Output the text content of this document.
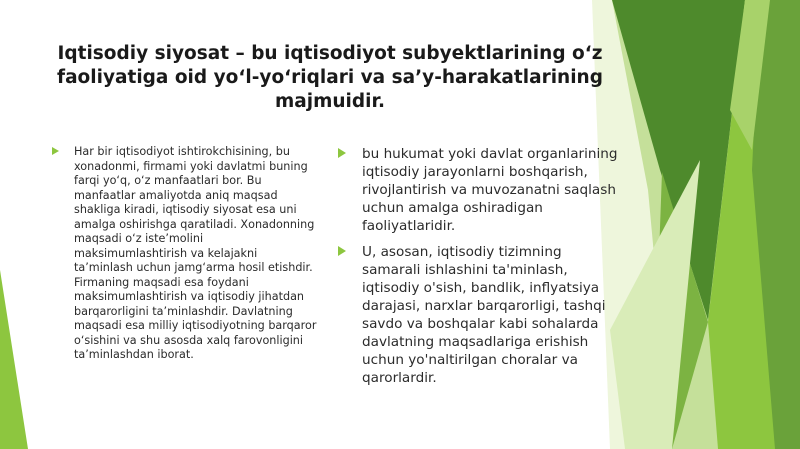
Iqtisodiy siyosat – bu iqtisodiyot subyektlarining o‘z faoliyatiga oid yo‘l-yo‘riqlari va sa’y-harakatlarining majmuidir.
Har bir iqtisodiyot ishtirokchisining, bu xonadonmi, firmami yoki davlatmi buning farqi yo‘q, o‘z manfaatlari bor. Bu manfaatlar amaliyotda aniq maqsad shakliga kiradi, iqtisodiy siyosat esa uni amalga oshirishga qaratiladi. Xonadonning maqsadi o‘z iste’molini maksimumlashtirish va kelajakni ta’minlash uchun jamg‘arma hosil etishdir. Firmaning maqsadi esa foydani maksimumlashtirish va iqtisodiy jihatdan barqarorligini ta’minlashdir. Davlatning maqsadi esa milliy iqtisodiyotning barqaror o‘sishini va shu asosda xalq farovonligini ta’minlashdan iborat.
bu hukumat yoki davlat organlarining iqtisodiy jarayonlarni boshqarish, rivojlantirish va muvozanatni saqlash uchun amalga oshiradigan faoliyatlaridir.
U, asosan, iqtisodiy tizimning samarali ishlashini ta'minlash, iqtisodiy o'sish, bandlik, inflyatsiya darajasi, narxlar barqarorligi, tashqi savdo va boshqalar kabi sohalarda davlatning maqsadlariga erishish uchun yo'naltirilgan choralar va qarorlardir.
